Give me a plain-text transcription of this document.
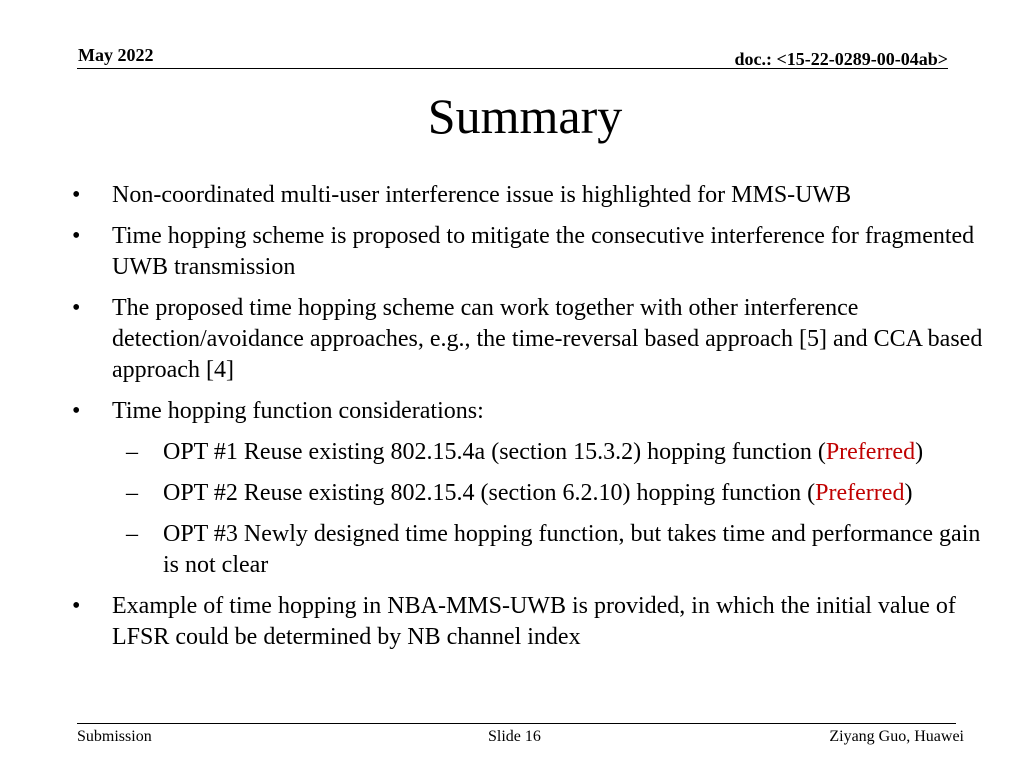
May 2022	doc.: <15-22-0289-00-04ab>
Summary
•	Non-coordinated multi-user interference issue is highlighted for MMS-UWB
•	Time hopping scheme is proposed to mitigate the consecutive interference for fragmented UWB transmission
•	The proposed time hopping scheme can work together with other interference detection/avoidance approaches, e.g., the time-reversal based approach [5] and CCA based approach [4]
•	Time hopping function considerations:
– OPT #1 Reuse existing 802.15.4a (section 15.3.2) hopping function (Preferred)
– OPT #2 Reuse existing 802.15.4 (section 6.2.10) hopping function (Preferred)
– OPT #3 Newly designed time hopping function, but takes time and performance gain is not clear
•	Example of time hopping in NBA-MMS-UWB is provided, in which the initial value of LFSR could be determined by NB channel index
Submission	Slide 16	Ziyang Guo, Huawei
